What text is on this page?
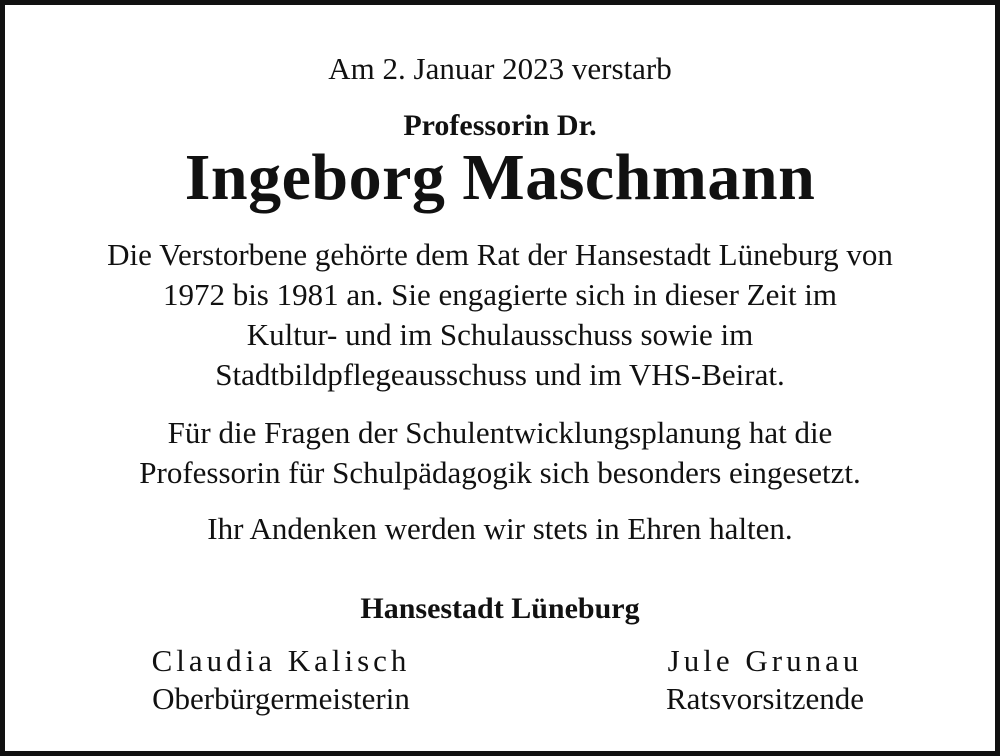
Am 2. Januar 2023 verstarb
Professorin Dr.
Ingeborg Maschmann
Die Verstorbene gehörte dem Rat der Hansestadt Lüneburg von
1972 bis 1981 an. Sie engagierte sich in dieser Zeit im
Kultur- und im Schulausschuss sowie im
Stadtbildpflegeausschuss und im VHS-Beirat.
Für die Fragen der Schulentwicklungsplanung hat die
Professorin für Schulpädagogik sich besonders eingesetzt.
Ihr Andenken werden wir stets in Ehren halten.
Hansestadt Lüneburg
Claudia Kalisch
Oberbürgermeisterin
Jule Grunau
Ratsvorsitzende
